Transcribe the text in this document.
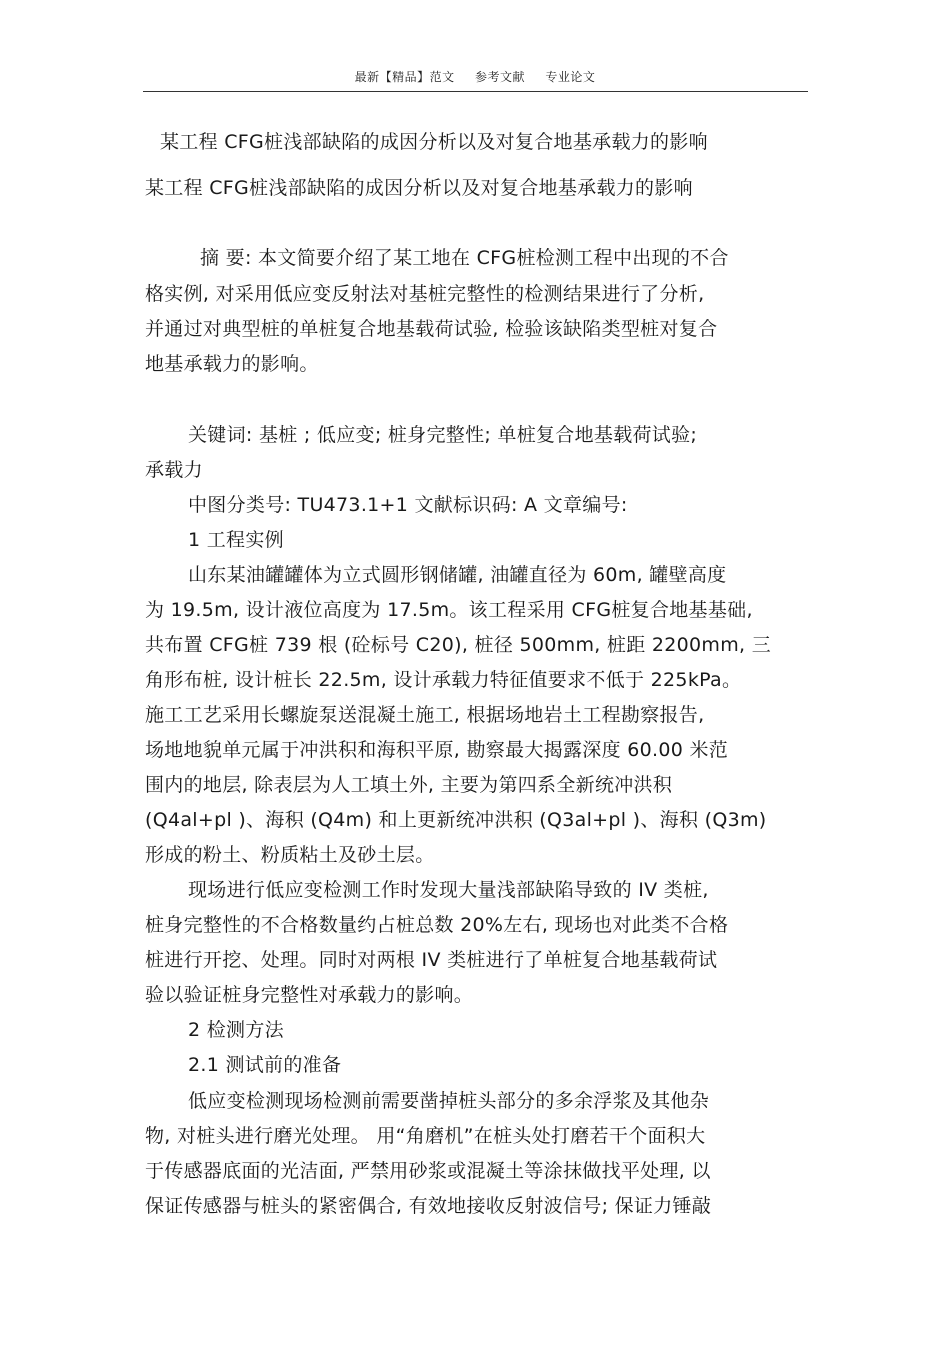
最新【精品】范文 参考文献 专业论文
某工程 CFG桩浅部缺陷的成因分析以及对复合地基承载力的影响
某工程 CFG桩浅部缺陷的成因分析以及对复合地基承载力的影响
摘 要: 本文简要介绍了某工地在 CFG桩检测工程中出现的不合
格实例, 对采用低应变反射法对基桩完整性的检测结果进行了分析,
并通过对典型桩的单桩复合地基载荷试验, 检验该缺陷类型桩对复合
地基承载力的影响。
关键词: 基桩 ; 低应变; 桩身完整性; 单桩复合地基载荷试验;
承载力
中图分类号: TU473.1+1 文献标识码: A 文章编号:
1 工程实例
山东某油罐罐体为立式圆形钢储罐, 油罐直径为 60m, 罐壁高度
为 19.5m, 设计液位高度为 17.5m。该工程采用 CFG桩复合地基基础,
共布置 CFG桩 739 根 (砼标号 C20), 桩径 500mm, 桩距 2200mm, 三
角形布桩, 设计桩长 22.5m, 设计承载力特征值要求不低于 225kPa。
施工工艺采用长螺旋泵送混凝土施工, 根据场地岩土工程勘察报告,
场地地貌单元属于冲洪积和海积平原, 勘察最大揭露深度 60.00 米范
围内的地层, 除表层为人工填土外, 主要为第四系全新统冲洪积
(Q4al+pl )、海积 (Q4m) 和上更新统冲洪积 (Q3al+pl )、海积 (Q3m)
形成的粉土、粉质粘土及砂土层。
现场进行低应变检测工作时发现大量浅部缺陷导致的 IV 类桩,
桩身完整性的不合格数量约占桩总数 20%左右, 现场也对此类不合格
桩进行开挖、处理。同时对两根 IV 类桩进行了单桩复合地基载荷试
验以验证桩身完整性对承载力的影响。
2 检测方法
2.1 测试前的准备
低应变检测现场检测前需要凿掉桩头部分的多余浮浆及其他杂
物, 对桩头进行磨光处理。 用“角磨机”在桩头处打磨若干个面积大
于传感器底面的光洁面, 严禁用砂浆或混凝土等涂抹做找平处理, 以
保证传感器与桩头的紧密偶合, 有效地接收反射波信号; 保证力锤敲
